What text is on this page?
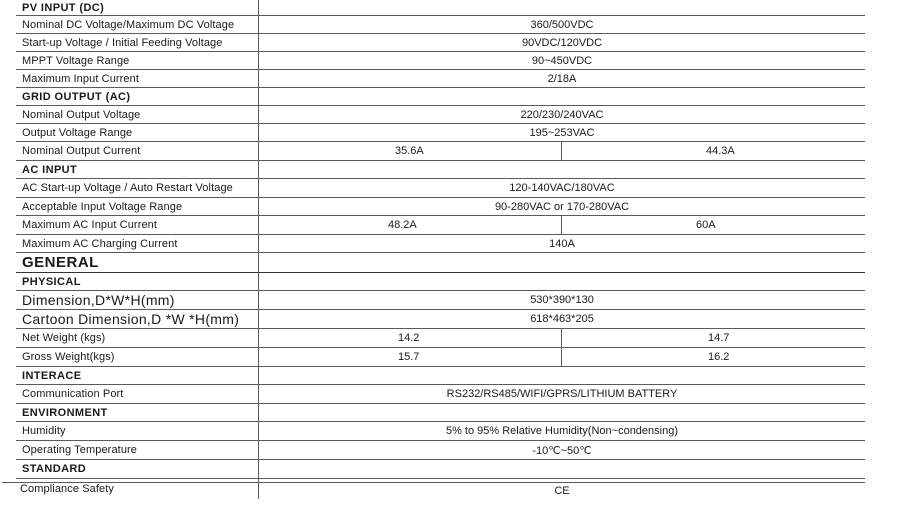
PV INPUT (DC)
Nominal DC Voltage/Maximum DC Voltage	360/500VDC
Start-up Voltage / Initial Feeding Voltage	90VDC/120VDC
MPPT Voltage Range	90~450VDC
Maximum Input Current	2/18A
GRID OUTPUT (AC)
Nominal Output Voltage	220/230/240VAC
Output Voltage Range	195~253VAC
Nominal Output Current	35.6A	44.3A
AC INPUT
AC Start-up Voltage / Auto Restart Voltage	120-140VAC/180VAC
Acceptable Input Voltage Range	90-280VAC or 170-280VAC
Maximum AC Input Current	48.2A	60A
Maximum AC Charging Current	140A
GENERAL
PHYSICAL
Dimension,D*W*H(mm)	530*390*130
Cartoon Dimension,D *W *H(mm)	618*463*205
Net Weight (kgs)	14.2	14.7
Gross Weight(kgs)	15.7	16.2
INTERACE
Communication Port	RS232/RS485/WIFI/GPRS/LITHIUM BATTERY
ENVIRONMENT
Humidity	5% to 95% Relative Humidity(Non~condensing)
Operating Temperature	-10℃~50℃
STANDARD
Compliance Safety	CE
